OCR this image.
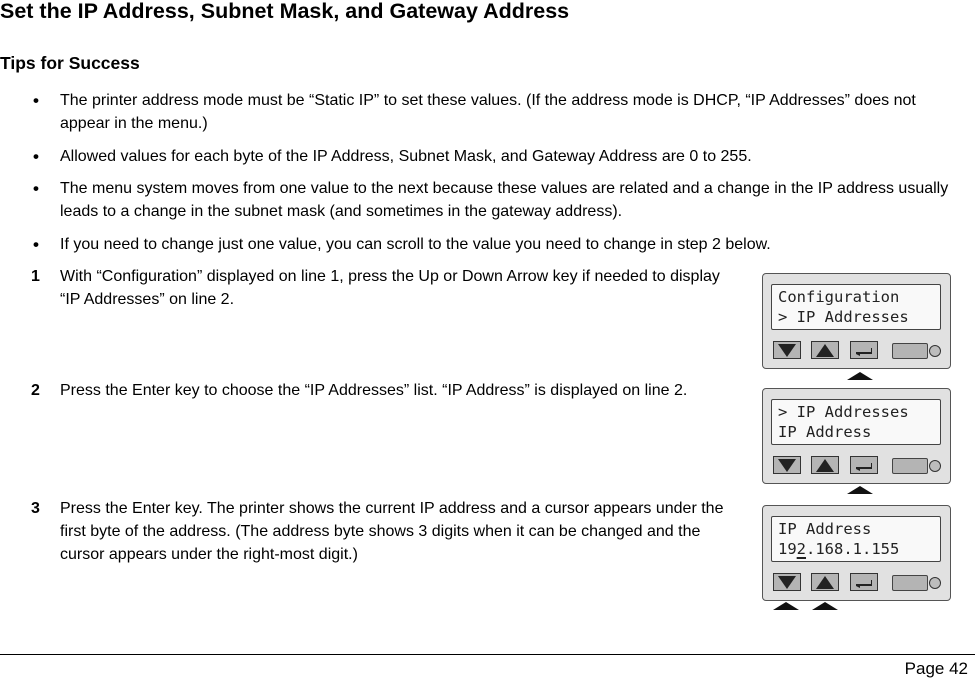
Set the IP Address, Subnet Mask, and Gateway Address
Tips for Success
• The printer address mode must be “Static IP” to set these values. (If the address mode is DHCP, “IP Addresses” does not appear in the menu.)
• Allowed values for each byte of the IP Address, Subnet Mask, and Gateway Address are 0 to 255.
• The menu system moves from one value to the next because these values are related and a change in the IP address usually leads to a change in the subnet mask (and sometimes in the gateway address).
• If you need to change just one value, you can scroll to the value you need to change in step 2 below.
1 With “Configuration” displayed on line 1, press the Up or Down Arrow key if needed to display “IP Addresses” on line 2.
2 Press the Enter key to choose the “IP Addresses” list. “IP Address” is displayed on line 2.
3 Press the Enter key. The printer shows the current IP address and a cursor appears under the first byte of the address. (The address byte shows 3 digits when it can be changed and the cursor appears under the right-most digit.)
Configuration
> IP Addresses
> IP Addresses
IP Address
IP Address
192.168.1.155
Page 42
